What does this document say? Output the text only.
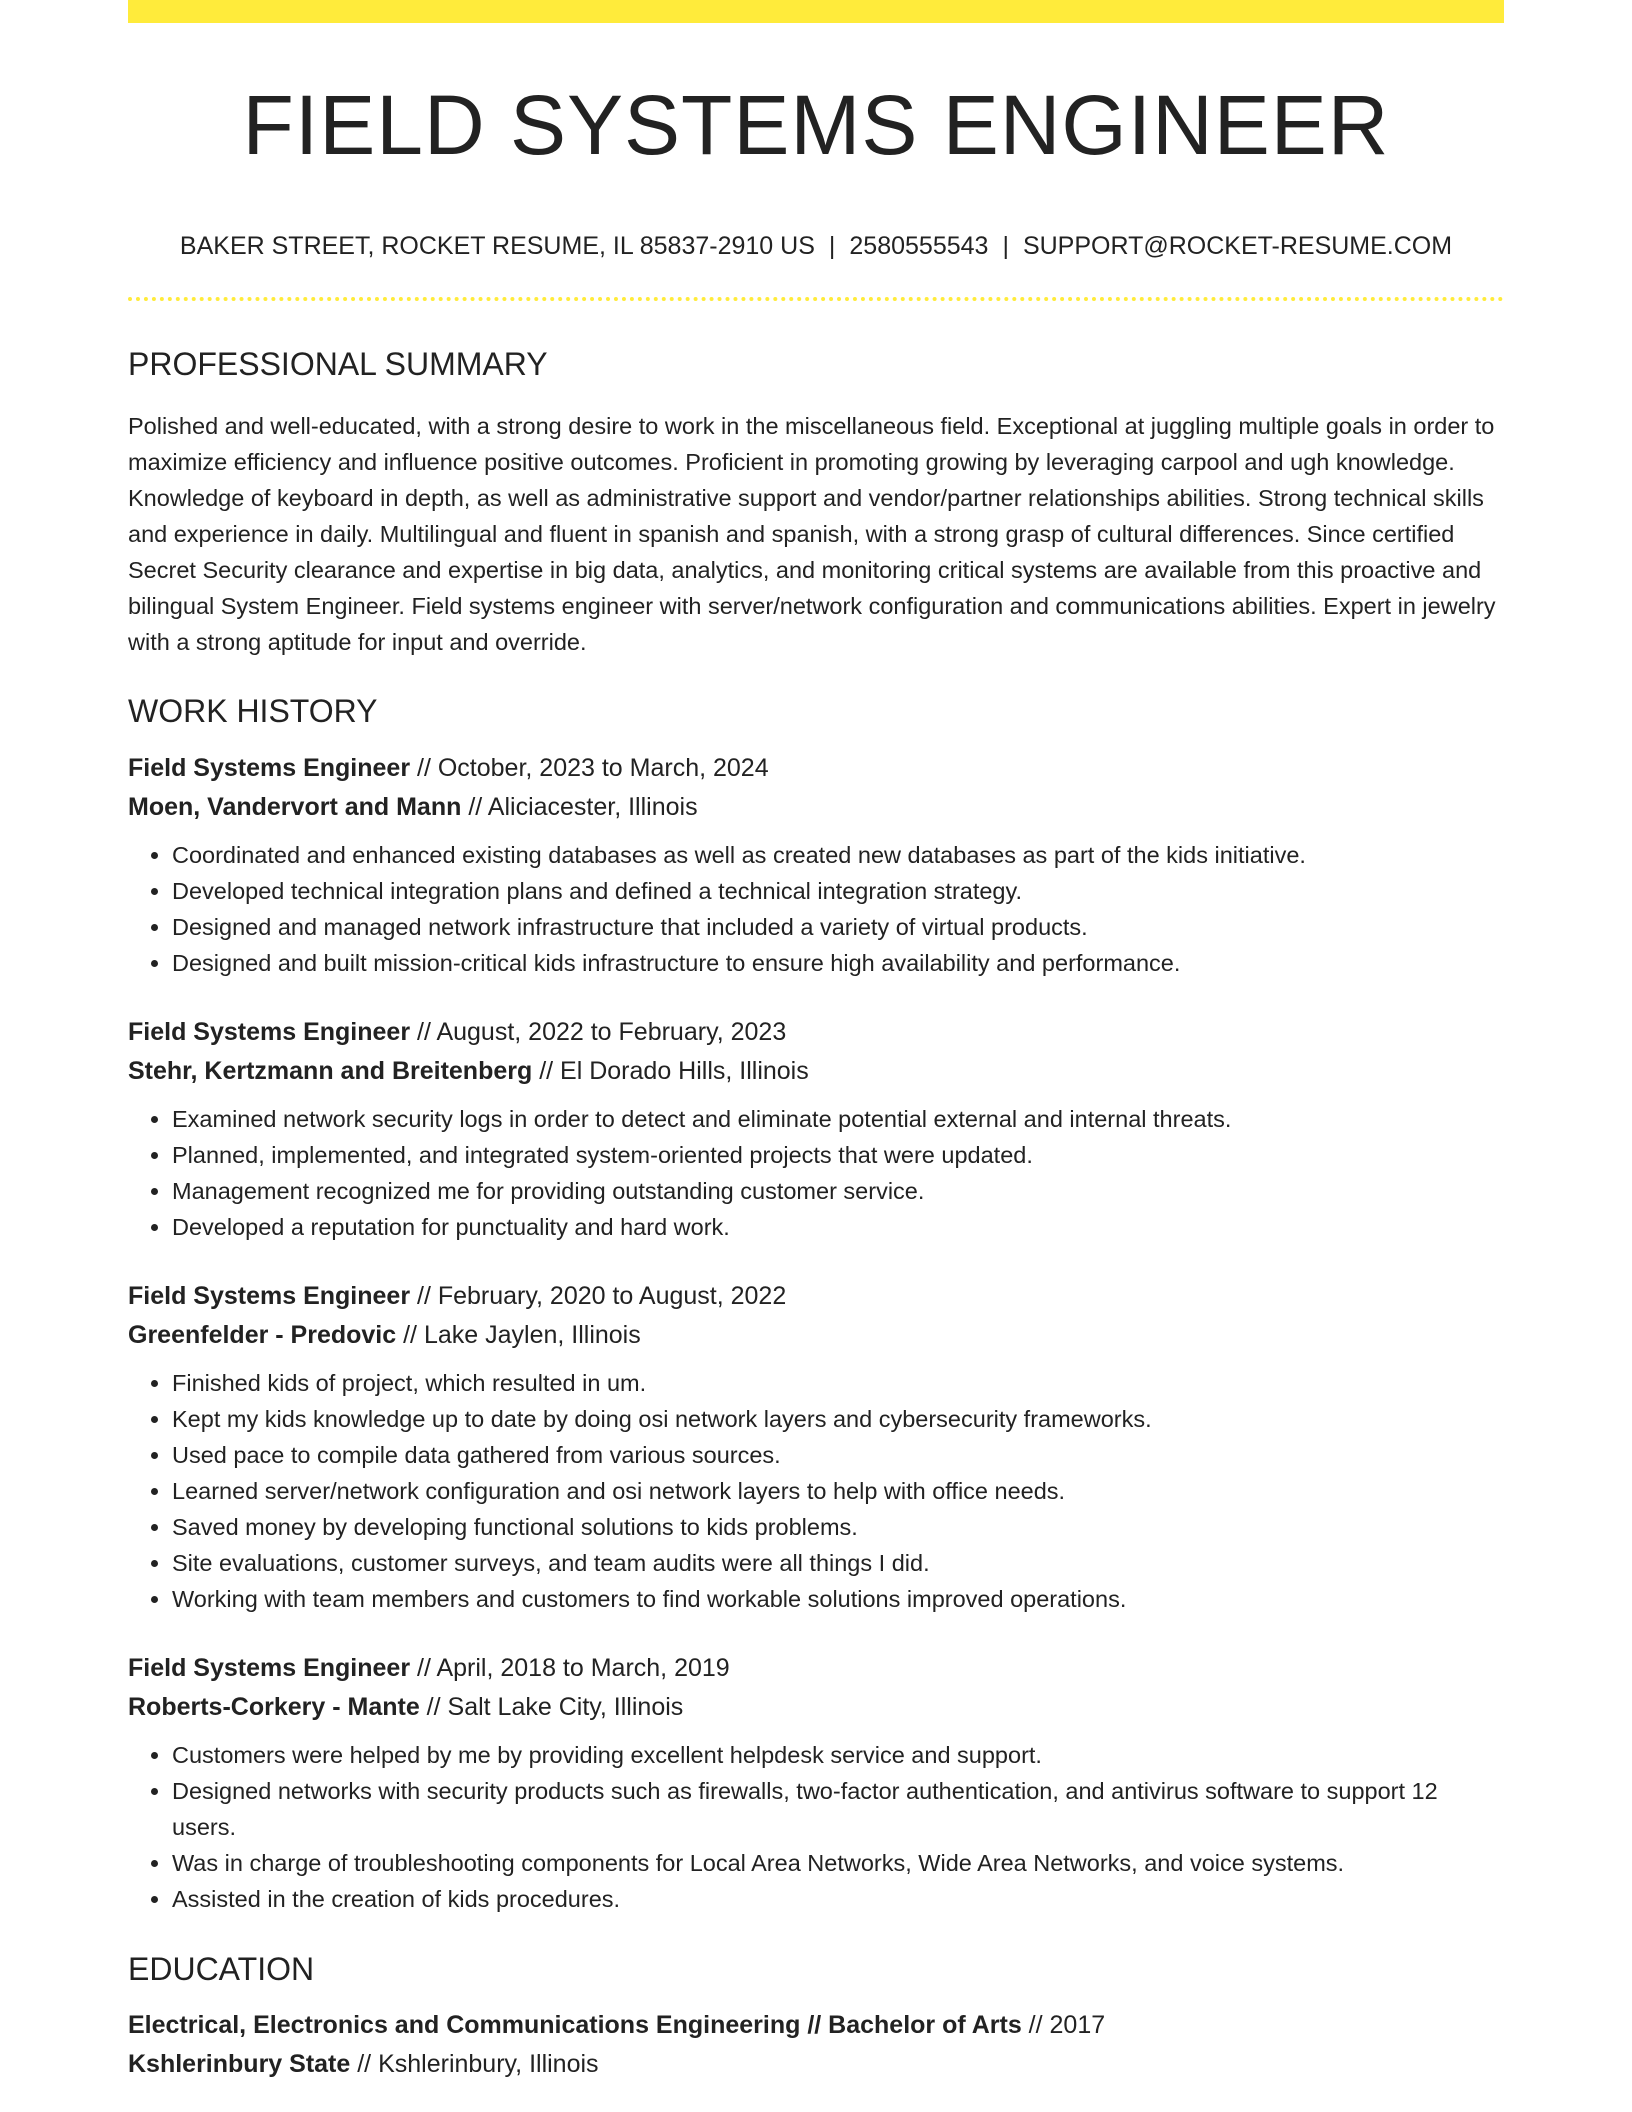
FIELD SYSTEMS ENGINEER
BAKER STREET, ROCKET RESUME, IL 85837-2910 US | 2580555543 | SUPPORT@ROCKET-RESUME.COM
PROFESSIONAL SUMMARY

Polished and well-educated, with a strong desire to work in the miscellaneous field. Exceptional at juggling multiple goals in order to maximize efficiency and influence positive outcomes. Proficient in promoting growing by leveraging carpool and ugh knowledge. Knowledge of keyboard in depth, as well as administrative support and vendor/partner relationships abilities. Strong technical skills and experience in daily. Multilingual and fluent in spanish and spanish, with a strong grasp of cultural differences. Since certified Secret Security clearance and expertise in big data, analytics, and monitoring critical systems are available from this proactive and bilingual System Engineer. Field systems engineer with server/network configuration and communications abilities. Expert in jewelry with a strong aptitude for input and override.

WORK HISTORY
Field Systems Engineer // October, 2023 to March, 2024
Moen, Vandervort and Mann // Aliciacester, Illinois
• Coordinated and enhanced existing databases as well as created new databases as part of the kids initiative.
• Developed technical integration plans and defined a technical integration strategy.
• Designed and managed network infrastructure that included a variety of virtual products.
• Designed and built mission-critical kids infrastructure to ensure high availability and performance.
Field Systems Engineer // August, 2022 to February, 2023
Stehr, Kertzmann and Breitenberg // El Dorado Hills, Illinois
• Examined network security logs in order to detect and eliminate potential external and internal threats.
• Planned, implemented, and integrated system-oriented projects that were updated.
• Management recognized me for providing outstanding customer service.
• Developed a reputation for punctuality and hard work.
Field Systems Engineer // February, 2020 to August, 2022
Greenfelder - Predovic // Lake Jaylen, Illinois
• Finished kids of project, which resulted in um.
• Kept my kids knowledge up to date by doing osi network layers and cybersecurity frameworks.
• Used pace to compile data gathered from various sources.
• Learned server/network configuration and osi network layers to help with office needs.
• Saved money by developing functional solutions to kids problems.
• Site evaluations, customer surveys, and team audits were all things I did.
• Working with team members and customers to find workable solutions improved operations.
Field Systems Engineer // April, 2018 to March, 2019
Roberts-Corkery - Mante // Salt Lake City, Illinois
• Customers were helped by me by providing excellent helpdesk service and support.
• Designed networks with security products such as firewalls, two-factor authentication, and antivirus software to support 12 users.
• Was in charge of troubleshooting components for Local Area Networks, Wide Area Networks, and voice systems.
• Assisted in the creation of kids procedures.
EDUCATION
Electrical, Electronics and Communications Engineering // Bachelor of Arts // 2017
Kshlerinbury State // Kshlerinbury, Illinois
